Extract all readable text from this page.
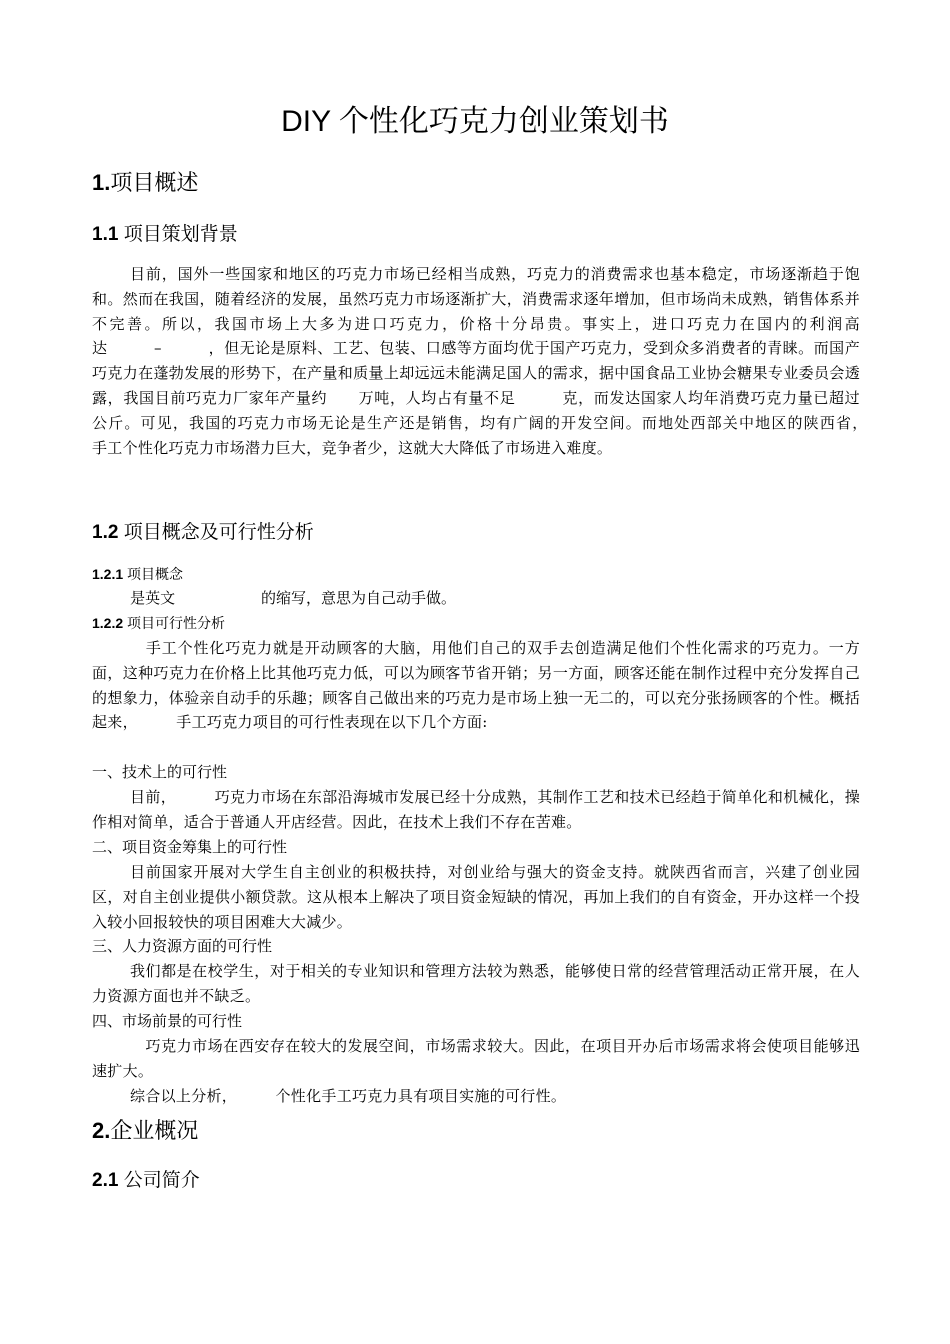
DIY 个性化巧克力创业策划书
1.项目概述
1.1 项目策划背景
目前，国外一些国家和地区的巧克力市场已经相当成熟，巧克力的消费需求也基本稳定，市场逐渐趋于饱和。然而在我国，随着经济的发展，虽然巧克力市场逐渐扩大，消费需求逐年增加，但市场尚未成熟，销售体系并不完善。所以，我国市场上大多为进口巧克力，价格十分昂贵。事实上，进口巧克力在国内的利润高达　　　–　　　，但无论是原料、工艺、包装、口感等方面均优于国产巧克力，受到众多消费者的青睐。而国产巧克力在蓬勃发展的形势下，在产量和质量上却远远未能满足国人的需求，据中国食品工业协会糖果专业委员会透露，我国目前巧克力厂家年产量约　　万吨，人均占有量不足　　　克，而发达国家人均年消费巧克力量已超过　　公斤。可见，我国的巧克力市场无论是生产还是销售，均有广阔的开发空间。而地处西部关中地区的陕西省，　　　手工个性化巧克力市场潜力巨大，竞争者少，这就大大降低了市场进入难度。
1.2 项目概念及可行性分析
1.2.1 项目概念
是英文                  的缩写，意思为自己动手做。
1.2.2 项目可行性分析
　手工个性化巧克力就是开动顾客的大脑，用他们自己的双手去创造满足他们个性化需求的巧克力。一方面，这种巧克力在价格上比其他巧克力低，可以为顾客节省开销；另一方面，顾客还能在制作过程中充分发挥自己的想象力，体验亲自动手的乐趣；顾客自己做出来的巧克力是市场上独一无二的，可以充分张扬顾客的个性。概括起来，　　　手工巧克力项目的可行性表现在以下几个方面:
一、技术上的可行性
目前，　　　巧克力市场在东部沿海城市发展已经十分成熟，其制作工艺和技术已经趋于简单化和机械化，操作相对简单，适合于普通人开店经营。因此，在技术上我们不存在苦难。
二、项目资金筹集上的可行性
目前国家开展对大学生自主创业的积极扶持，对创业给与强大的资金支持。就陕西省而言，兴建了创业园区，对自主创业提供小额贷款。这从根本上解决了项目资金短缺的情况，再加上我们的自有资金，开办这样一个投入较小回报较快的项目困难大大减少。
三、人力资源方面的可行性
我们都是在校学生，对于相关的专业知识和管理方法较为熟悉，能够使日常的经营管理活动正常开展，在人力资源方面也并不缺乏。
四、市场前景的可行性
　巧克力市场在西安存在较大的发展空间，市场需求较大。因此，在项目开办后市场需求将会使项目能够迅速扩大。
综合以上分析，　　　个性化手工巧克力具有项目实施的可行性。
2.企业概况
2.1 公司简介
